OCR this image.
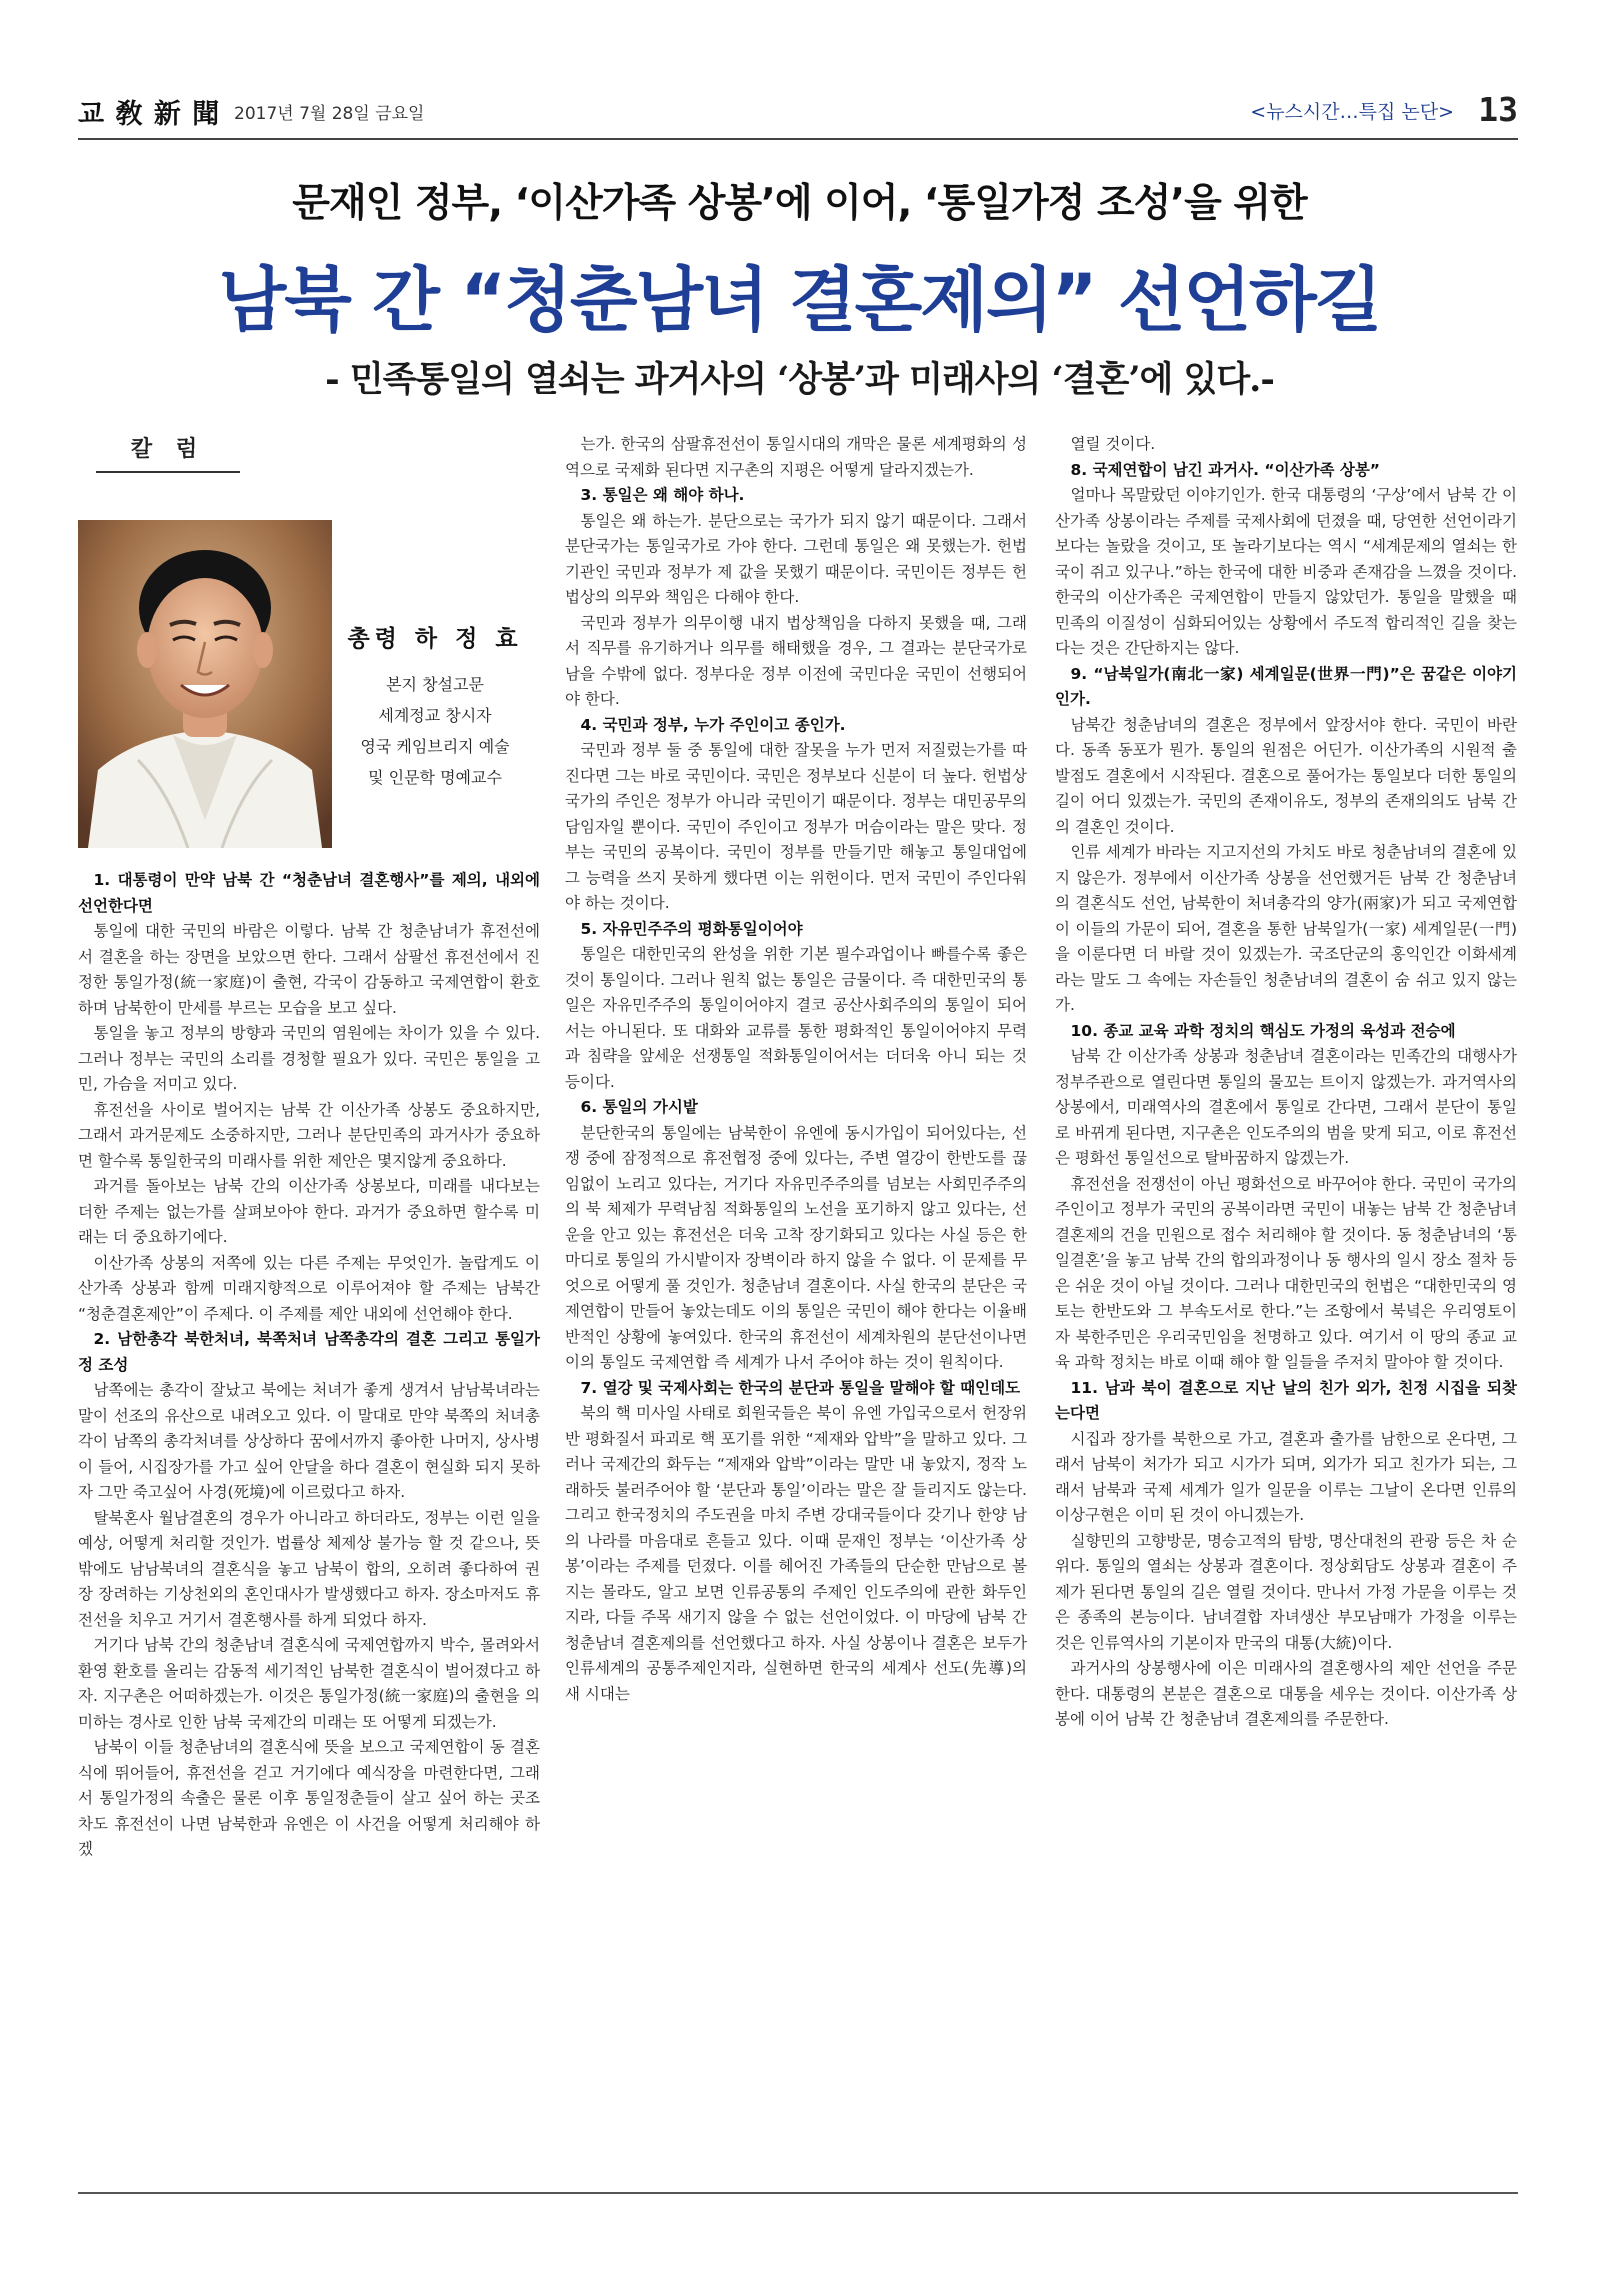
교 敎 新 聞 2017년 7월 28일 금요일	<뉴스시간…특집 논단> 13
문재인 정부, ‘이산가족 상봉’에 이어, ‘통일가정 조성’을 위한
남북 간 “청춘남녀 결혼제의” 선언하길
- 민족통일의 열쇠는 과거사의 ‘상봉’과 미래사의 ‘결혼’에 있다.-
칼 럼
총령 하 정 효
본지 창설고문
세계정교 창시자
영국 케임브리지 예술
및 인문학 명예교수
1. 대통령이 만약 남북 간 “청춘남녀 결혼행사”를 제의, 내외에 선언한다면

통일에 대한 국민의 바람은 이렇다. 남북 간 청춘남녀가 휴전선에서 결혼을 하는 장면을 보았으면 한다. 그래서 삼팔선 휴전선에서 진정한 통일가정(統一家庭)이 출현, 각국이 감동하고 국제연합이 환호하며 남북한이 만세를 부르는 모습을 보고 싶다.

통일을 놓고 정부의 방향과 국민의 염원에는 차이가 있을 수 있다. 그러나 정부는 국민의 소리를 경청할 필요가 있다. 국민은 통일을 고민, 가슴을 저미고 있다.

휴전선을 사이로 벌어지는 남북 간 이산가족 상봉도 중요하지만, 그래서 과거문제도 소중하지만, 그러나 분단민족의 과거사가 중요하면 할수록 통일한국의 미래사를 위한 제안은 몇지않게 중요하다.

과거를 돌아보는 남북 간의 이산가족 상봉보다, 미래를 내다보는 더한 주제는 없는가를 살펴보아야 한다. 과거가 중요하면 할수록 미래는 더 중요하기에다.

이산가족 상봉의 저쪽에 있는 다른 주제는 무엇인가. 놀랍게도 이산가족 상봉과 함께 미래지향적으로 이루어져야 할 주제는 남북간 “청춘결혼제안”이 주제다. 이 주제를 제안 내외에 선언해야 한다.

2. 남한총각 북한처녀, 북쪽처녀 남쪽총각의 결혼 그리고 통일가정 조성

남쪽에는 총각이 잘났고 북에는 처녀가 좋게 생겨서 남남북녀라는 말이 선조의 유산으로 내려오고 있다. 이 말대로 만약 북쪽의 처녀총각이 남쪽의 총각처녀를 상상하다 꿈에서까지 좋아한 나머지, 상사병이 들어, 시집장가를 가고 싶어 안달을 하다 결혼이 현실화 되지 못하자 그만 죽고싶어 사경(死境)에 이르렀다고 하자.

탈북혼사 월남결혼의 경우가 아니라고 하더라도, 정부는 이런 일을 예상, 어떻게 처리할 것인가. 법률상 체제상 불가능 할 것 같으나, 뜻밖에도 남남북녀의 결혼식을 놓고 남북이 합의, 오히려 좋다하여 권장 장려하는 기상천외의 혼인대사가 발생했다고 하자. 장소마저도 휴전선을 치우고 거기서 결혼행사를 하게 되었다 하자.

거기다 남북 간의 청춘남녀 결혼식에 국제연합까지 박수, 몰려와서 환영 환호를 올리는 감동적 세기적인 남북한 결혼식이 벌어졌다고 하자. 지구촌은 어떠하겠는가. 이것은 통일가정(統一家庭)의 출현을 의미하는 경사로 인한 남북 국제간의 미래는 또 어떻게 되겠는가.

남북이 이들 청춘남녀의 결혼식에 뜻을 보으고 국제연합이 동 결혼식에 뛰어들어, 휴전선을 걷고 거기에다 예식장을 마련한다면, 그래서 통일가정의 속출은 물론 이후 통일정춘들이 살고 싶어 하는 곳조차도 휴전선이 나면 남북한과 유엔은 이 사건을 어떻게 처리해야 하겠

는가. 한국의 삼팔휴전선이 통일시대의 개막은 물론 세계평화의 성역으로 국제화 된다면 지구촌의 지평은 어떻게 달라지겠는가.

3. 통일은 왜 해야 하나.

통일은 왜 하는가. 분단으로는 국가가 되지 않기 때문이다. 그래서 분단국가는 통일국가로 가야 한다. 그런데 통일은 왜 못했는가. 헌법기관인 국민과 정부가 제 값을 못했기 때문이다. 국민이든 정부든 헌법상의 의무와 책임은 다해야 한다.

국민과 정부가 의무이행 내지 법상책임을 다하지 못했을 때, 그래서 직무를 유기하거나 의무를 해태했을 경우, 그 결과는 분단국가로 남을 수밖에 없다. 정부다운 정부 이전에 국민다운 국민이 선행되어야 한다.

4. 국민과 정부, 누가 주인이고 종인가.

국민과 정부 둘 중 통일에 대한 잘못을 누가 먼저 저질렀는가를 따진다면 그는 바로 국민이다. 국민은 정부보다 신분이 더 높다. 헌법상 국가의 주인은 정부가 아니라 국민이기 때문이다. 정부는 대민공무의 담임자일 뿐이다. 국민이 주인이고 정부가 머슴이라는 말은 맞다. 정부는 국민의 공복이다. 국민이 정부를 만들기만 해놓고 통일대업에 그 능력을 쓰지 못하게 했다면 이는 위헌이다. 먼저 국민이 주인다워야 하는 것이다.

5. 자유민주주의 평화통일이어야

통일은 대한민국의 완성을 위한 기본 필수과업이나 빠를수록 좋은 것이 통일이다. 그러나 원칙 없는 통일은 금물이다. 즉 대한민국의 통일은 자유민주주의 통일이어야지 결코 공산사회주의의 통일이 되어서는 아니된다. 또 대화와 교류를 통한 평화적인 통일이어야지 무력과 침략을 앞세운 선쟁통일 적화통일이어서는 더더욱 아니 되는 것 등이다.

6. 통일의 가시밭

분단한국의 통일에는 남북한이 유엔에 동시가입이 되어있다는, 선쟁 중에 잠정적으로 휴전협정 중에 있다는, 주변 열강이 한반도를 끊임없이 노리고 있다는, 거기다 자유민주주의를 넘보는 사회민주주의의 북 체제가 무력남침 적화통일의 노선을 포기하지 않고 있다는, 선운을 안고 있는 휴전선은 더욱 고착 장기화되고 있다는 사실 등은 한마디로 통일의 가시밭이자 장벽이라 하지 않을 수 없다. 이 문제를 무엇으로 어떻게 풀 것인가. 청춘남녀 결혼이다. 사실 한국의 분단은 국제연합이 만들어 놓았는데도 이의 통일은 국민이 해야 한다는 이율배반적인 상황에 놓여있다. 한국의 휴전선이 세계차원의 분단선이나면 이의 통일도 국제연합 즉 세계가 나서 주어야 하는 것이 원칙이다.

7. 열강 및 국제사회는 한국의 분단과 통일을 말해야 할 때인데도

북의 핵 미사일 사태로 회원국들은 북이 유엔 가입국으로서 헌장위반 평화질서 파괴로 핵 포기를 위한 “제재와 압박”을 말하고 있다. 그러나 국제간의 화두는 “제재와 압박”이라는 말만 내 놓았지, 정작 노래하듯 불러주어야 할 ‘분단과 통일’이라는 말은 잘 들리지도 않는다. 그리고 한국정치의 주도권을 마치 주변 강대국들이다 갖기나 한양 남의 나라를 마음대로 흔들고 있다. 이때 문재인 정부는 ‘이산가족 상봉’이라는 주제를 던졌다. 이를 헤어진 가족들의 단순한 만남으로 볼지는 몰라도, 알고 보면 인류공통의 주제인 인도주의에 관한 화두인지라, 다들 주목 새기지 않을 수 없는 선언이었다. 이 마당에 남북 간 청춘남녀 결혼제의를 선언했다고 하자. 사실 상봉이나 결혼은 보두가 인류세계의 공통주제인지라, 실현하면 한국의 세계사 선도(先導)의 새 시대는

열릴 것이다.

8. 국제연합이 남긴 과거사. “이산가족 상봉”

얼마나 목말랐던 이야기인가. 한국 대통령의 ‘구상’에서 남북 간 이산가족 상봉이라는 주제를 국제사회에 던졌을 때, 당연한 선언이라기보다는 놀랐을 것이고, 또 놀라기보다는 역시 “세계문제의 열쇠는 한국이 쥐고 있구나.”하는 한국에 대한 비중과 존재감을 느꼈을 것이다. 한국의 이산가족은 국제연합이 만들지 않았던가. 통일을 말했을 때 민족의 이질성이 심화되어있는 상황에서 주도적 합리적인 길을 찾는다는 것은 간단하지는 않다.

9. “남북일가(南北一家) 세계일문(世界一門)”은 꿈같은 이야기인가.

남북간 청춘남녀의 결혼은 정부에서 앞장서야 한다. 국민이 바란다. 동족 동포가 뭔가. 통일의 원점은 어딘가. 이산가족의 시원적 출발점도 결혼에서 시작된다. 결혼으로 풀어가는 통일보다 더한 통일의 길이 어디 있겠는가. 국민의 존재이유도, 정부의 존재의의도 남북 간의 결혼인 것이다.

인류 세계가 바라는 지고지선의 가치도 바로 청춘남녀의 결혼에 있지 않은가. 정부에서 이산가족 상봉을 선언했거든 남북 간 청춘남녀의 결혼식도 선언, 남북한이 처녀총각의 양가(兩家)가 되고 국제연합이 이들의 가문이 되어, 결혼을 통한 남북일가(一家) 세계일문(一門)을 이룬다면 더 바랄 것이 있겠는가. 국조단군의 홍익인간 이화세계라는 말도 그 속에는 자손들인 청춘남녀의 결혼이 숨 쉬고 있지 않는가.

10. 종교 교육 과학 정치의 핵심도 가정의 육성과 전승에

남북 간 이산가족 상봉과 청춘남녀 결혼이라는 민족간의 대행사가 정부주관으로 열린다면 통일의 물꼬는 트이지 않겠는가. 과거역사의 상봉에서, 미래역사의 결혼에서 통일로 간다면, 그래서 분단이 통일로 바뀌게 된다면, 지구촌은 인도주의의 범을 맞게 되고, 이로 휴전선은 평화선 통일선으로 탈바꿈하지 않겠는가.

휴전선을 전쟁선이 아닌 평화선으로 바꾸어야 한다. 국민이 국가의 주인이고 정부가 국민의 공복이라면 국민이 내놓는 남북 간 청춘남녀 결혼제의 건을 민원으로 접수 처리해야 할 것이다. 동 청춘남녀의 ‘통일결혼’을 놓고 남북 간의 합의과정이나 동 행사의 일시 장소 절차 등은 쉬운 것이 아닐 것이다. 그러나 대한민국의 헌법은 “대한민국의 영토는 한반도와 그 부속도서로 한다.”는 조항에서 북녘은 우리영토이자 북한주민은 우리국민임을 천명하고 있다. 여기서 이 땅의 종교 교육 과학 정치는 바로 이때 해야 할 일들을 주저치 말아야 할 것이다.

11. 남과 북이 결혼으로 지난 날의 친가 외가, 친정 시집을 되찾는다면

시집과 장가를 북한으로 가고, 결혼과 출가를 남한으로 온다면, 그래서 남북이 처가가 되고 시가가 되며, 외가가 되고 친가가 되는, 그래서 남북과 국제 세계가 일가 일문을 이루는 그날이 온다면 인류의 이상구현은 이미 된 것이 아니겠는가.

실향민의 고향방문, 명승고적의 탐방, 명산대천의 관광 등은 차 순위다. 통일의 열쇠는 상봉과 결혼이다. 정상회담도 상봉과 결혼이 주제가 된다면 통일의 길은 열릴 것이다. 만나서 가정 가문을 이루는 것은 종족의 본능이다. 남녀결합 자녀생산 부모남매가 가정을 이루는 것은 인류역사의 기본이자 만국의 대통(大統)이다.

과거사의 상봉행사에 이은 미래사의 결혼행사의 제안 선언을 주문한다. 대통령의 본분은 결혼으로 대통을 세우는 것이다. 이산가족 상봉에 이어 남북 간 청춘남녀 결혼제의를 주문한다.
